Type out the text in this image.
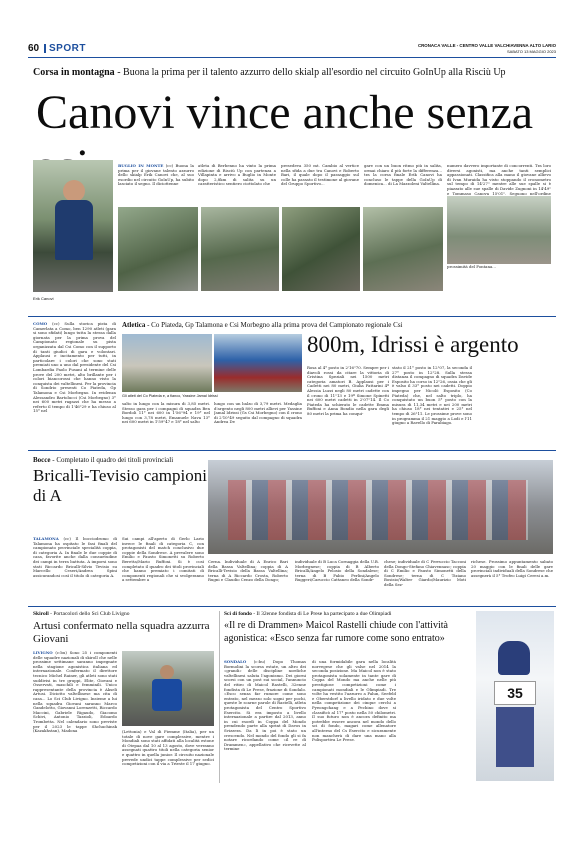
60 SPORT	CRONACA VALLE - CENTRO VALLE VALCHIAVENNA ALTO LARIO
SABATO 13 MAGGIO 2023
Corsa in montagna - Buona la prima per il talento azzurro dello skialp all'esordio nel circuito GoInUp alla Risciù Up
Canovi vince anche senza
Erik Canovi
BUGLIO IN MONTE (cc) Buona la prima per il giovane talento azzurro dello skialp Erik Canovi che, al suo esordio nel circuito GoInUp, ha subito lasciato il segno. Il diciottenne
atleta di Berbenno ha vinto la prima edizione di Risciù Up con partenza a Villapinta e arrivo a Buglio in Monte dopo 2,8km di salita su un caratteristico sentiero ciottolato che
presedeva 350 mt. Cambio al vertice nella sfida a due tra Canovi e Roberto Bari, il quale dopo il passaggio sul colle ha passato il testimone al giovane del Gruppo Sportivo...
gare con un buon ritmo più in salita, ormai chiaro il più forte la differenza... tra la corsa finale Erik Canovi ha concluso le tappe della GoInUp di domenica... di La Mazzoleni Valtellina.
numero davvero importante di concorrenti. Tra loro diversi agonisti, ma anche tanti semplici appassionati. Classifica alla mano il giovane allievo di Ivan Muraida ha visto stoppando il cronometro sul tempo di 14'27" mentre alle sue spalle si è piazzato alle sue spalle di Davide Zugnoni in 14'49" e Tommaso Canova 15'01". Seguono nell'ordine prossimità del Fontana...
COMO (cc) Sulla storica pista di Camerlata a Como, ben 1290 atleti (gara si sono sfidati) lungo tutta la stessa dalla giornata per la prima prova del Campionato regionale su pista organizzata dal Csi Como con il supporto di tanti giudici di gara e volontari. Applausi e incitamento per tutti, in particolare i colori che sono stati premiati uno a uno dal presidente del Csi Lombardia Paolo Fusani al termine delle prove del 200 metri, alto brillante per i colori biancorossi che hanno visto la conquista dei valtellinesi. Per la provincia di Sondrio presenti Co Piateda, Gp Talamona e Csi Morbegno. In evidenza Alessandro Bartolucci (Csi Morbegno) 3° nei 600 metri ragazzi che ha messo a referto il tempo di 1'46"29 e ha chiuso al 15° nel
Atletica - Co Piateda, Gp Talamona e Csi Morbegno alla prima prova del Campionato regionale Csi
Gli atleti del Co Piateda e, a fianco, Yassine Jamal Idrissi
800m, Idrissi è argento
salto in lungo con la misura di 3,85 metri. Stesso gara per i compagni di squadra Ben Bordoli 11° nei 600 in 1'56"94 e 19° nel lungo con 3,78 metri, Emanuele Nava 13° nei 600 metri in 1'59"47 e 18° nel salto
lungo con un balzo di 3,79 metri. Medaglia d'argento negli 800 metri allievi per Yassine Jamal Idrissi (Gs Csi Morbegno) con il crono di 2'10"49 seguito dal compagno di squadra Andrea De
Rosa al 4° posto in 2'16"70. Sempre per i diavoli rossi da citare la vittoria di Cristina Speziali nei 1500 metri categoria amatori B. Applausi per i Cadetti nei 80 metri, Giulia Fattarini 4ª Alessia Luzzi negli 80 metri cadette con il crono di 11"13 e 19ª Simone Spinetti nei 600 metri cadetti in 2'07"14. Il Co Piateda ha schierato le cadette Emma Buffoni e Anna Bondio nella gara degli 80 metri la prima ha conqui-
stato il 21° posto in 12"07, la seconda il 27° posto in 12"28. Sulla stessa distanza il compagno di squadra Davide Esposito ha corso in 12"26, ossia che gli è valso il 33° posto nei cadetti. Doppio impegno per Nicolò Esposito (Co Piateda) che, nel salto triplo, ha conquistato un buon 5° posto con la misura di 11,34 metri e nei 200 metri ha chiuso 18° nei tentativi e 25° nel tempo di 26"11. Le prossime prove sono in programma il 21 maggio a Lodi e l'11 giugno a Ravello di Parabiago.
Bocce - Completato il quadro dei titoli provinciali
Bricalli-Tevisio campioni di A
TALAMONA (cc) Il bocciodromo di Talamona ha ospitato le fasi finali del campionato provinciale specialità coppia, di categoria A. In finale le due coppie di casa, favorite anche dalla consuetudine dei campi in terra battuta. A imporsi sono stati Riccardo Bricalli-Silvio Tevisio su Marcello Ceseri/Andrea Spini assicurandosi così il titolo di categoria A.
Sui campi all'aperto di Gerlo Lario invece le finali di categoria C, con protagonisti del match conclusivo due coppie della Sondrese. A prevalere sono Emilio e Fausto Simonetti su Roberto Beretta/Mario Ruffoni. Si è così completato il quadro dei titoli provinciali che hanno premiato i comitati di componenti regionali che si svolgeranno a settembre a
Cerna. Individuale di A Enrico Bari della Bassa Valtellina; coppia di A Bricalli-Tevisio della Bassa Valtellina; terna di A Riccardo Crosta, Roberto Rugni e Claudio Cenzo della Dongo;
individuale di B Luca Cornaggia della U.B. Morbegnese; coppia di B Alberto Bricalli/Angelo Pelosio della Sondalese; terna di B Fabio Perlini/Angelo Ruggeri/Caruccio Cattaneo della Sondr-
chese; individuale di C Ferruccio Tacconi della Dongo-Stefano Chiavennasc; coppia di C Emilio e Fausto Simonetti della Sondrese; terna di C Tiziano Bosisio/Walter Giardo/Maurizio Moti della Sez-
richese. Prossimo appuntamento sabato 20 maggio con le finali delle gare provinciali individuali della Sondrese che assegnerà il 5° Trofeo Luigi Ceresi a.m.
Skiroll - Portacolori dello Sci Club Livigno
Artusi confermato nella squadra azzurra Giovani
LIVIGNO (c:bu) Sono 25 i componenti delle squadre nazionali di skiroll che nelle prossime settimane saranno impegnate nella stagione agonistica italiana ed internazionale. Confermato il direttore tecnico Michel Rainer, gli atleti sono stati suddivisi in tre gruppi, Elite, Giovani e Osservati, maschili e femminili. Unico rappresentante della provincia è Akseli Artusi. Diciotto valtellinese ma cita di casa... Lo Sci Club Livigno. Insieme a lui nella squadra Giovani saranno Marco Gandelotto, Giovanni Lorenzetti, Riccardo Maccini, Gabriele Rigaudo, Giacomo Schivi, Antonio Tazzioli, Edoardo Trombetta. Nel calendario sono previste per il 2023 le tappe Shchuchinsk (Kazakhstan), Madona	(Lettonia) e Val di Fiemme (Italia), per un totale di nove gare complessive, mentre i Mondiali sono stati affidati alla località estone di Otepaa dal 10 al 13 agosto, dove verranno assegnati quattro titoli nella categoria senior e quattro in quella junior. Il circuito nazionale prevede undici tappe complessive per sedici competizioni con il via a Trieste il 17 giugno.
Sci di fondo - Il 32enne fondista di Le Prese ha partecipato a due Olimpiadi
«Il re di Drammen» Maicol Rastelli chiude con l'attività agonistica: «Esco senza far rumore come sono entrato»
SONDALO (c:bu) Dopo Thomas Bormolini la scorsa estate, un altro dei «grandi» delle discipline nordiche valtellinesi saluta l'agonismo. Dei giorni scorsi con un post sui social, l'annuncio del ritiro di Maicol Rastelli, 32enne fondista di Le Prese, frazione di Sondalo. «Esco senza far rumore come sono entrato, nel mezzo solo sogni per pochi, queste le scarne parole di Rastelli, atleta protagonista del Centro Sportivo Esercito. Si era imposto a livello internazionale a partire dal 2013, anno in cui esordì in Coppa del Mondo prendendo parte alla sprint di Davos in Svizzera. Da lì in poi è stato un crescendo. Nel mondo del fondo gli si fa notare ricordando come «il re di Drammen», appellativo che ricevette al termine
di una formidabile gara nella località norvegese che gli valse nel 2014 la seconda posizione. Ma Maicol non è stato protagonista solamente in tante gare di Coppa del Mondo ma anche nelle più prestigiose competizioni come i campionati mondiali e le Olimpiadi. Tre volte ha vestito l'azzurro a Falun, Seefeld e Oberstdorf a livello iridato e due volte nella competizione dei cinque cerchi a Pyeongchang e a Pechino dove si classificò al 17° posto nella 50 chilometri. Il suo futuro non è ancora definito ma potrebbe essere ancora nel mondo dello sci di fondo, magari come allenatore all'interno del Cs Esercito e sicuramente non mancherà di dare una mano alla Polisportiva Le Prese.
35
